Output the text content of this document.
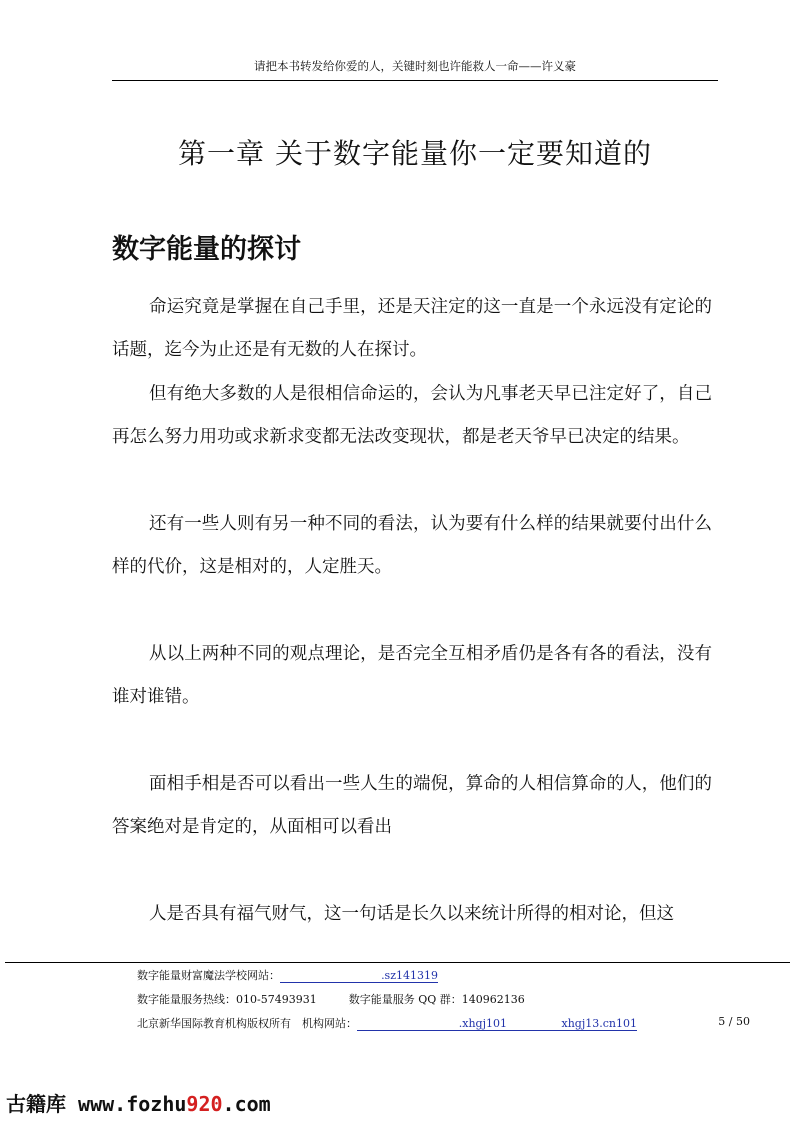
请把本书转发给你爱的人，关键时刻也许能救人一命——许义豪
第一章 关于数字能量你一定要知道的
数字能量的探讨

命运究竟是掌握在自己手里，还是天注定的这一直是一个永远没有定论的话题，迄今为止还是有无数的人在探讨。

但有绝大多数的人是很相信命运的，会认为凡事老天早已注定好了，自己再怎么努力用功或求新求变都无法改变现状，都是老天爷早已决定的结果。

还有一些人则有另一种不同的看法，认为要有什么样的结果就要付出什么样的代价，这是相对的，人定胜天。

从以上两种不同的观点理论，是否完全互相矛盾仍是各有各的看法，没有谁对谁错。

面相手相是否可以看出一些人生的端倪，算命的人相信算命的人，他们的答案绝对是肯定的，从面相可以看出

人是否具有福气财气，这一句话是长久以来统计所得的相对论，但这

数字能量财富魔法学校网站：	.sz141319
数字能量服务热线：010-57493931	数字能量服务 QQ 群：140962136
北京新华国际教育机构版权所有　机构网站：	.xhgj101	xhgj13.cn101	5 / 50
古籍库 www.fozhu920.com
